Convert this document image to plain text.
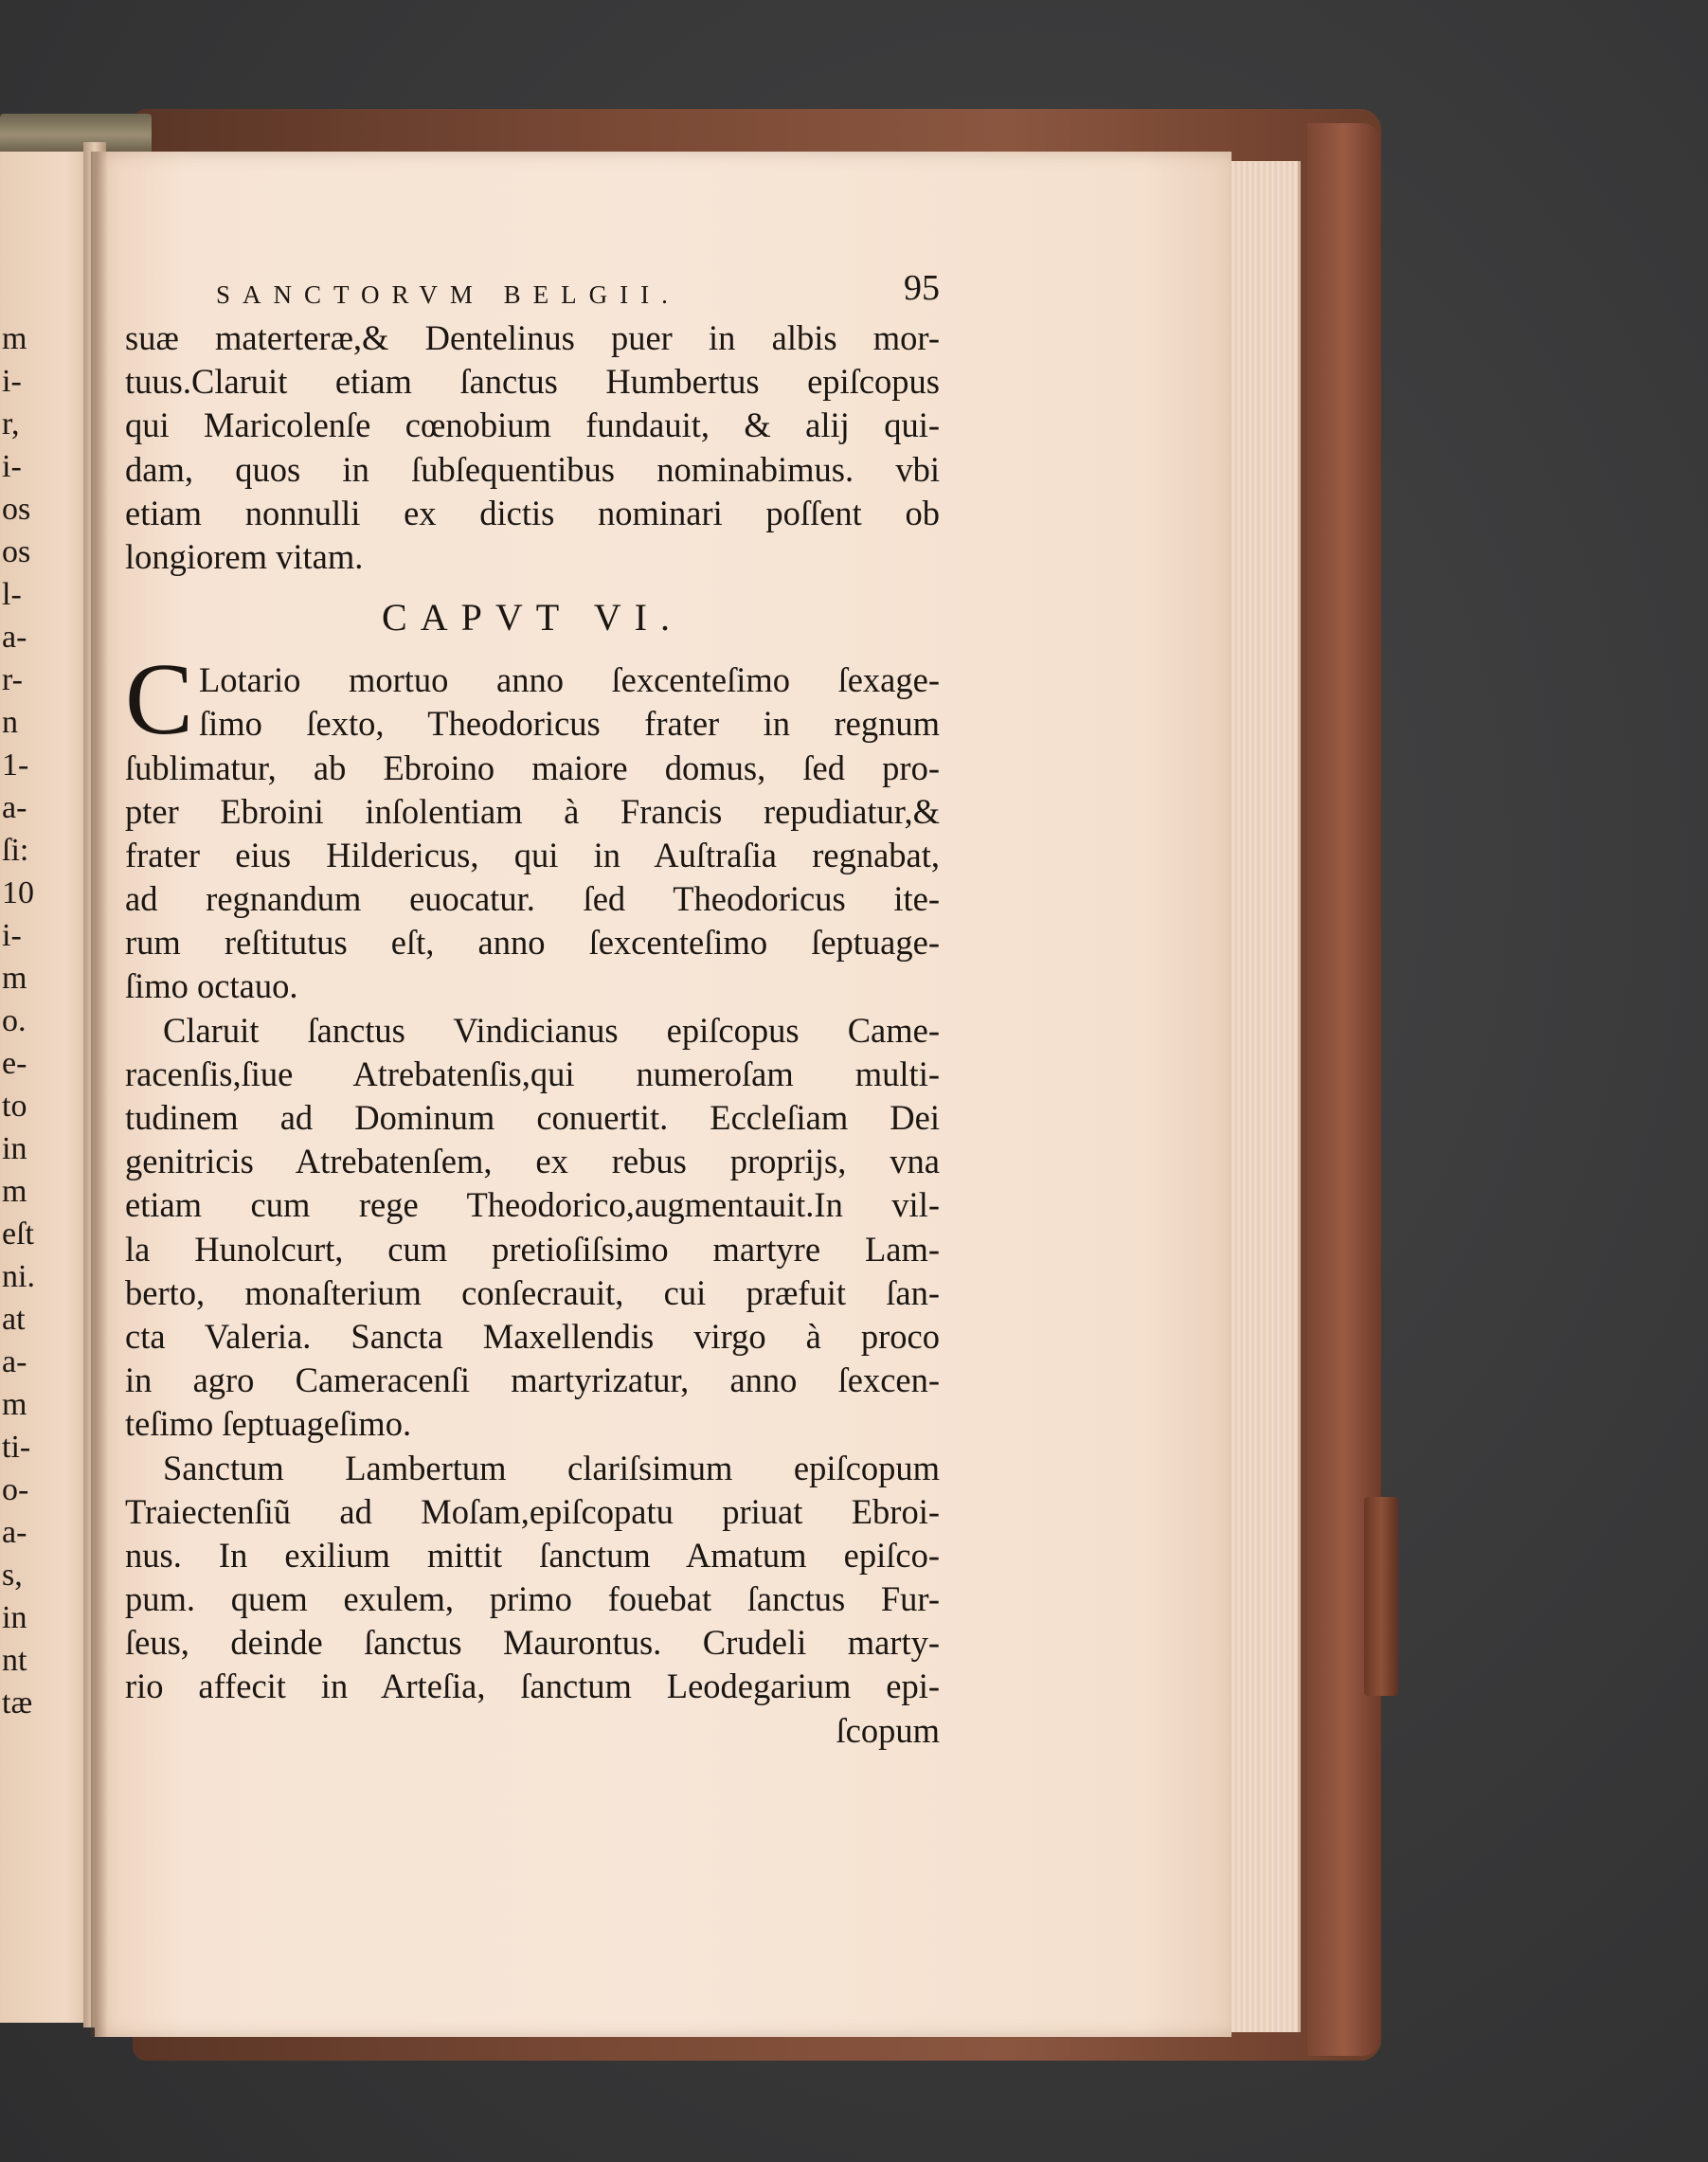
m
i-
r,
i-
os
os
l-
a-
r-
n
1-
a-
ſi:
10
i-
m
o.
e-
to
in
m
eſt
ni.
at
a-
m
ti-
o-
a-
s,
in
nt
tæ
SANCTORVM BELGII.	95
suæ materteræ,& Dentelinus puer in albis mor-
tuus.Claruit etiam ſanctus Humbertus epiſcopus
qui Maricolenſe cœnobium fundauit, & alij qui-
dam, quos in ſubſequentibus nominabimus. vbi
etiam nonnulli ex dictis nominari poſſent ob
longiorem vitam.
CAPVT VI.
C Lotario mortuo anno ſexcenteſimo ſexage-
ſimo ſexto, Theodoricus frater in regnum
ſublimatur, ab Ebroino maiore domus, ſed pro-
pter Ebroini inſolentiam à Francis repudiatur,&
frater eius Hildericus, qui in Auſtraſia regnabat,
ad regnandum euocatur. ſed Theodoricus ite-
rum reſtitutus eſt, anno ſexcenteſimo ſeptuage-
ſimo octauo.
Claruit ſanctus Vindicianus epiſcopus Came-
racenſis,ſiue Atrebatenſis,qui numeroſam multi-
tudinem ad Dominum conuertit. Eccleſiam Dei
genitricis Atrebatenſem, ex rebus proprijs, vna
etiam cum rege Theodorico,augmentauit.In vil-
la Hunolcurt, cum pretioſiſsimo martyre Lam-
berto, monaſterium conſecrauit, cui præfuit ſan-
cta Valeria. Sancta Maxellendis virgo à proco
in agro Cameracenſi martyrizatur, anno ſexcen-
teſimo ſeptuageſimo.
Sanctum Lambertum clariſsimum epiſcopum
Traiectenſiũ ad Moſam,epiſcopatu priuat Ebroi-
nus. In exilium mittit ſanctum Amatum epiſco-
pum. quem exulem, primo fouebat ſanctus Fur-
ſeus, deinde ſanctus Maurontus. Crudeli marty-
rio affecit in Arteſia, ſanctum Leodegarium epi-
ſcopum
